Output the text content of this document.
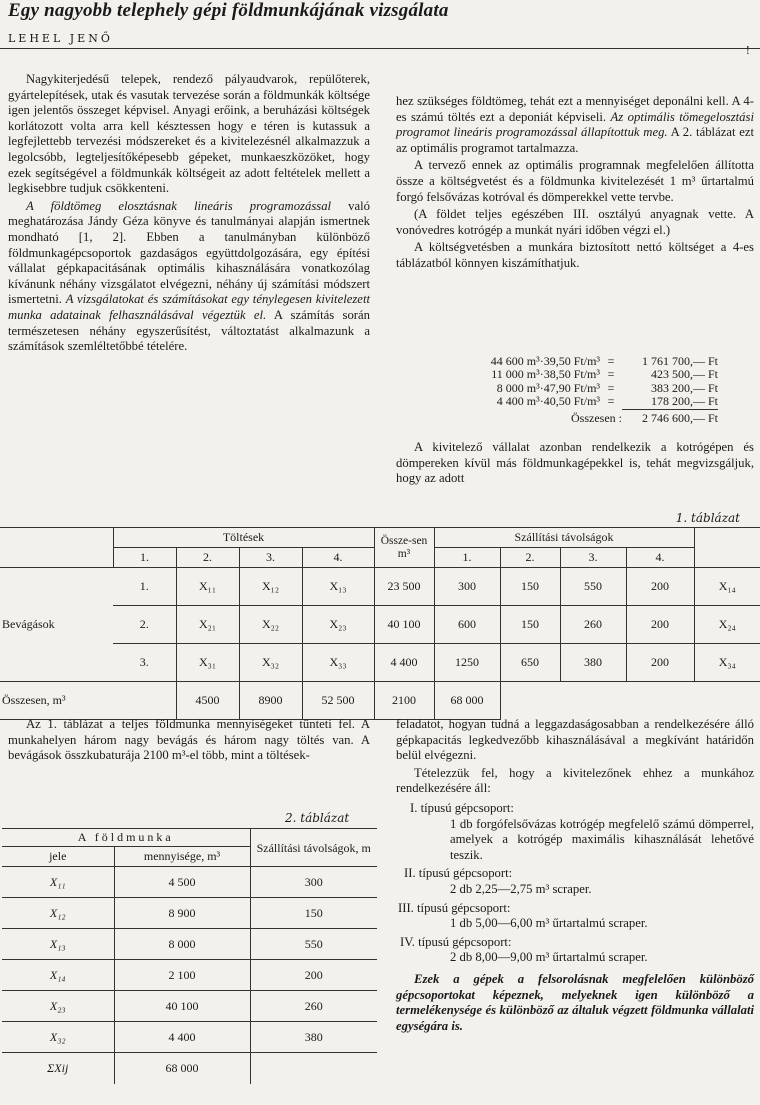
Egy nagyobb telephely gépi földmunkájának vizsgálata
LEHEL JENŐ
!

Nagykiterjedésű telepek, rendező pályaudvarok, repülőterek, gyártelepítések, utak és vasutak tervezése során a földmunkák költsége igen jelentős összeget képvisel. Anyagi erőink, a beruházási költségek korlátozott volta arra kell késztessen hogy e téren is kutassuk a legfejlettebb tervezési módszereket és a kivitelezésnél alkalmazzuk a legolcsóbb, legteljesítőképesebb gépeket, munkaeszközöket, hogy ezek segítségével a földmunkák költségeit az adott feltételek mellett a legkisebbre tudjuk csökkenteni.

A földtömeg elosztásnak lineáris programozással való meghatározása Jándy Géza könyve és tanulmányai alapján ismertnek mondható [1, 2]. Ebben a tanulmányban különböző földmunkagépcsoportok gazdaságos együttdolgozására, egy építési vállalat gépkapacitásának optimális kihasználására vonatkozólag kívánunk néhány vizsgálatot elvégezni, néhány új számítási módszert ismertetni. A vizsgálatokat és számításokat egy ténylegesen kivitelezett munka adatainak felhasználásával végeztük el. A számítás során természetesen néhány egyszerűsítést, változtatást alkalmazunk a számítások szemléltetőbbé tételére.

hez szükséges földtömeg, tehát ezt a mennyiséget deponálni kell. A 4-es számú töltés ezt a deponiát képviseli. Az optimális tömegelosztási programot lineáris programozással állapítottuk meg. A 2. táblázat ezt az optimális programot tartalmazza.

A tervező ennek az optimális programnak megfelelően állította össze a költségvetést és a földmunka kivitelezését 1 m³ űrtartalmú forgó felsővázas kotróval és dömperekkel vette tervbe.

(A földet teljes egészében III. osztályú anyagnak vette. A vonóvedres kotrógép a munkát nyári időben végzi el.)

A költségvetésben a munkára biztosított nettó költséget a 4-es táblázatból könnyen kiszámíthatjuk.

44 600 m³·39,50 Ft/m³ =	1 761 700,— Ft
11 000 m³·38,50 Ft/m³ =	423 500,— Ft
8 000 m³·47,90 Ft/m³ =	383 200,— Ft
4 400 m³·40,50 Ft/m³ =	178 200,— Ft
Összesen :	2 746 600,— Ft

A kivitelező vállalat azonban rendelkezik a kotrógépen és dömpereken kívül más földmunkagépekkel is, tehát megvizsgáljuk, hogy az adott

1. táblázat
	Töltések				Össze-sen m³	Szállítási távolságok				
	1.	2.	3.	4.		1.	2.	3.	4.	
Bevágások	1.	X₁₁	X₁₂	X₁₃	23 500	300	150	550	200	X₁₄
	2.	X₂₁	X₂₂	X₂₃	40 100	600	150	260	200	X₂₄
	3.	X₃₁	X₃₂	X₃₃	4 400	1250	650	380	200	X₃₄
Összesen, m³		4500	8900	52 500	2100	68 000				

Az 1. táblázat a teljes földmunka mennyiségeket tünteti fel. A munkahelyen három nagy bevágás és három nagy töltés van. A bevágások összkubaturája 2100 m³-el több, mint a töltések-

2. táblázat
A földmunka		Szállítási távolságok, m
jele	mennyisége, m³	
X₁₁	4 500	300
X₁₂	8 900	150
X₁₃	8 000	550
X₁₄	2 100	200
X₂₃	40 100	260
X₃₂	4 400	380
ΣXij	68 000	

feladatot, hogyan tudná a leggazdaságosabban a rendelkezésére álló gépkapacitás legkedvezőbb kihasználásával a megkívánt határidőn belül elvégezni.

Tételezzük fel, hogy a kivitelezőnek ehhez a munkához rendelkezésére áll:

I. típusú gépcsoport:
1 db forgófelsővázas kotrógép megfelelő számú dömperrel, amelyek a kotrógép maximális kihasználását lehetővé teszik.
II. típusú gépcsoport:
2 db 2,25—2,75 m³ scraper.
III. típusú gépcsoport:
1 db 5,00—6,00 m³ űrtartalmú scraper.
IV. típusú gépcsoport:
2 db 8,00—9,00 m³ űrtartalmú scraper.

Ezek a gépek a felsorolásnak megfelelően különböző gépcsoportokat képeznek, melyeknek igen különböző a termelékenysége és különböző az általuk végzett földmunka vállalati egységára is.
